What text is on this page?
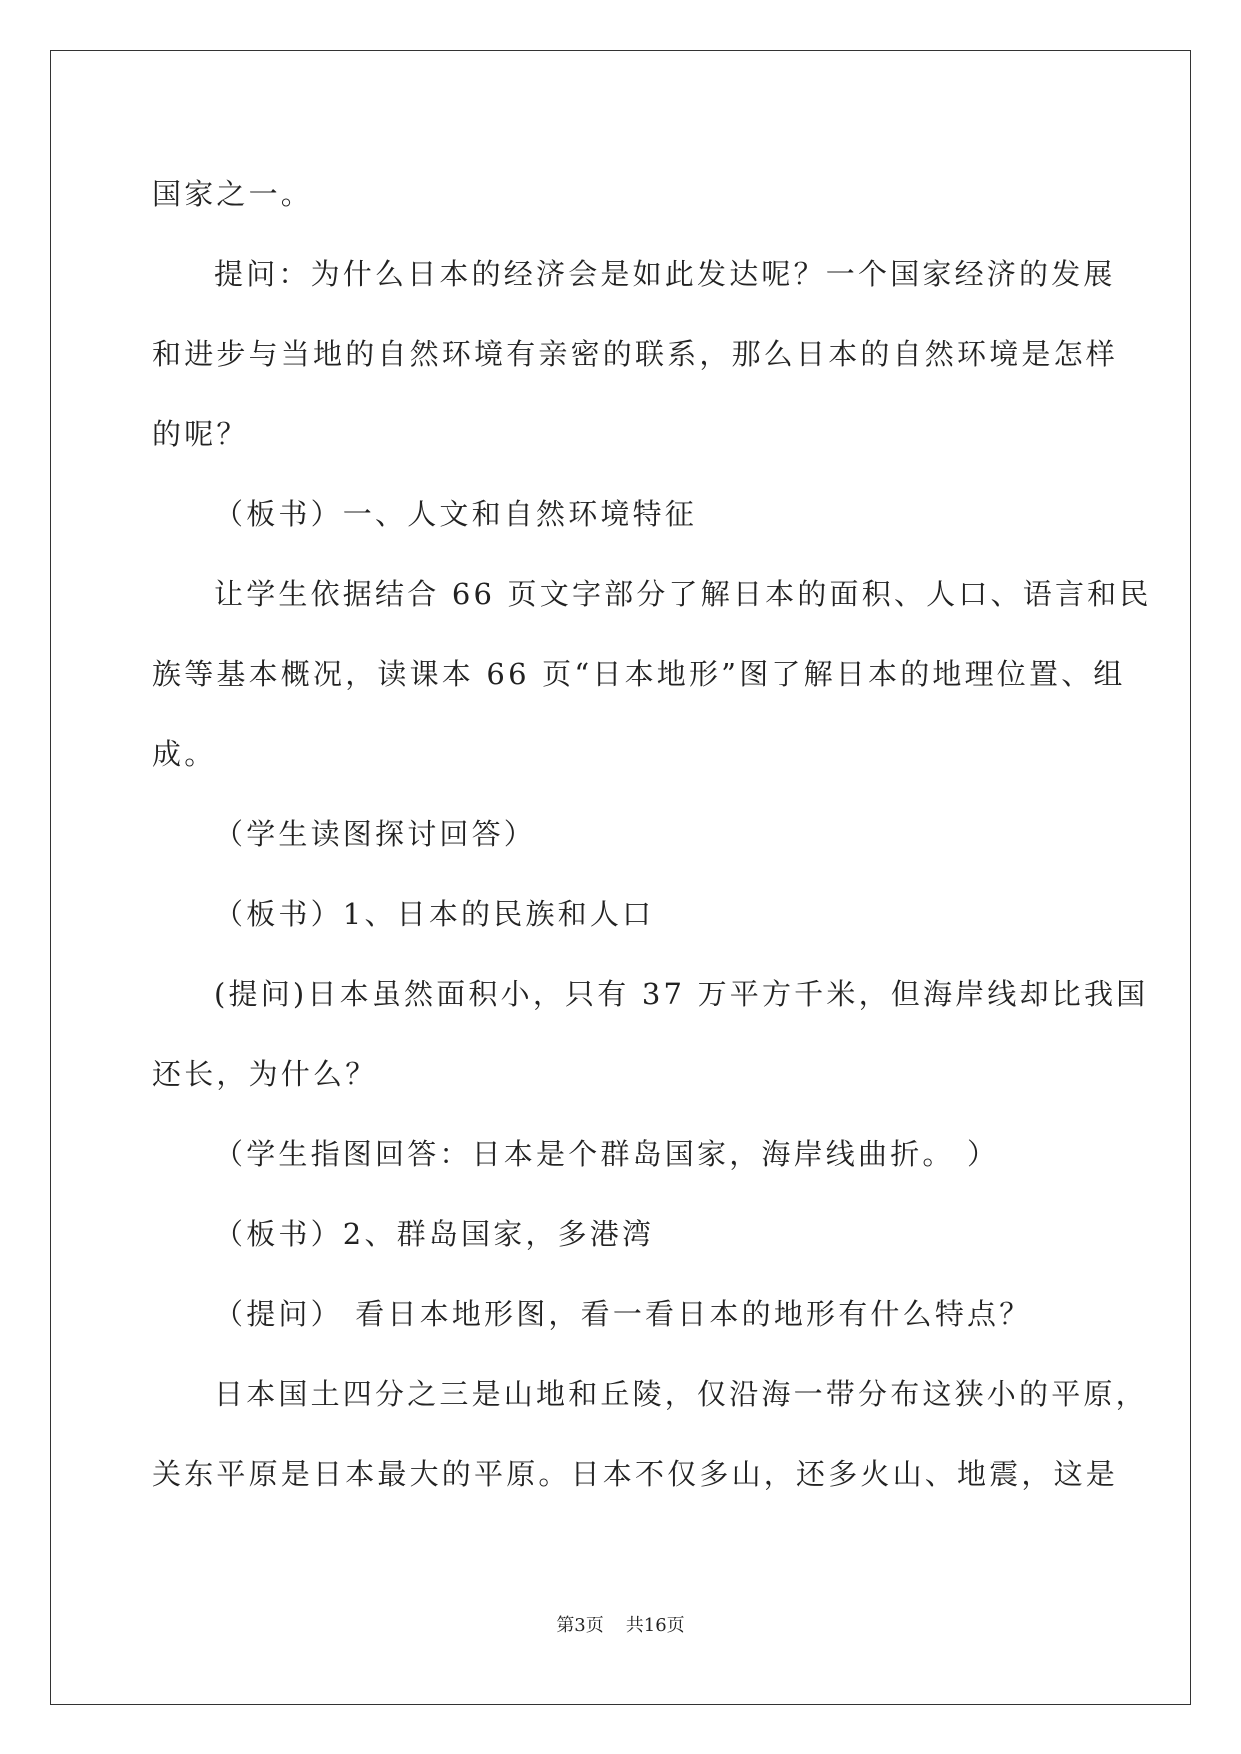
国家之一。
提问：为什么日本的经济会是如此发达呢？一个国家经济的发展
和进步与当地的自然环境有亲密的联系，那么日本的自然环境是怎样
的呢？
（板书）一、人文和自然环境特征
让学生依据结合 66 页文字部分了解日本的面积、人口、语言和民
族等基本概况，读课本 66 页“日本地形”图了解日本的地理位置、组
成。
（学生读图探讨回答）
（板书）1、日本的民族和人口
(提问)日本虽然面积小，只有 37 万平方千米，但海岸线却比我国
还长，为什么？
（学生指图回答：日本是个群岛国家，海岸线曲折。 ）
（板书）2、群岛国家，多港湾
（提问） 看日本地形图，看一看日本的地形有什么特点？
日本国土四分之三是山地和丘陵，仅沿海一带分布这狭小的平原，
关东平原是日本最大的平原。日本不仅多山，还多火山、地震，这是
第3页 共16页
